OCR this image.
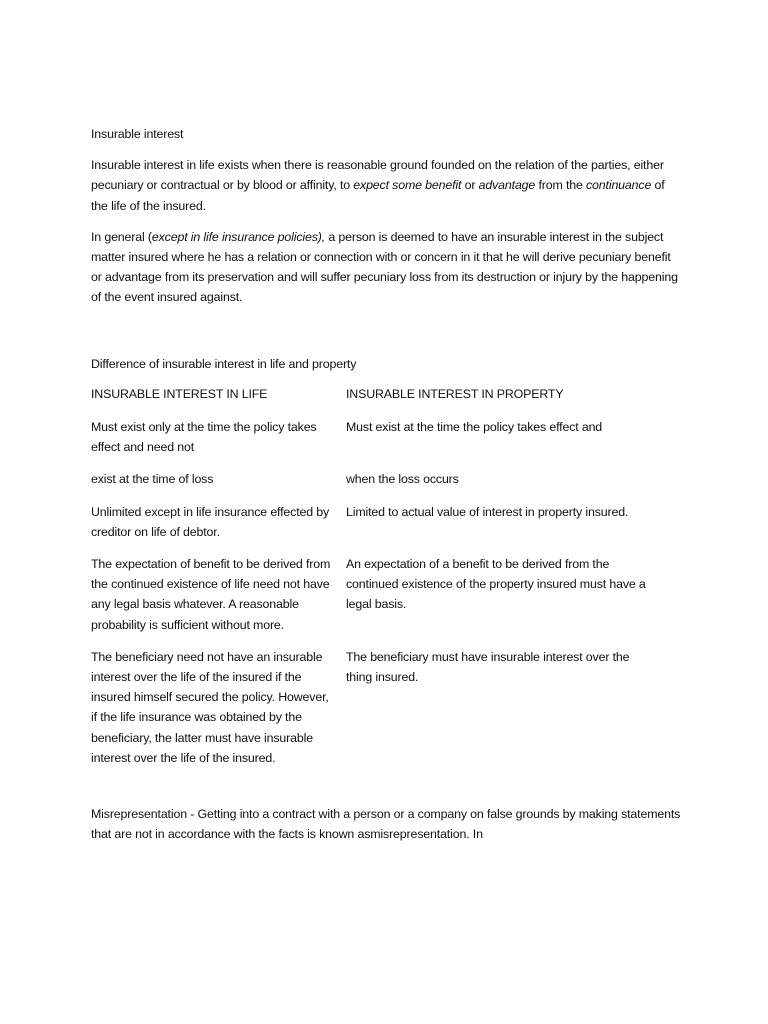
Insurable interest

Insurable interest in life exists when there is reasonable ground founded on the relation of the parties, either pecuniary or contractual or by blood or affinity, to expect some benefit or advantage from the continuance of the life of the insured.

In general (except in life insurance policies), a person is deemed to have an insurable interest in the subject matter insured where he has a relation or connection with or concern in it that he will derive pecuniary benefit or advantage from its preservation and will suffer pecuniary loss from its destruction or injury by the happening of the event insured against.

Difference of insurable interest in life and property

INSURABLE INTEREST IN LIFE	INSURABLE INTEREST IN PROPERTY
Must exist only at the time the policy takes effect and need not
Must exist at the time the policy takes effect and
exist at the time of loss	when the loss occurs
Unlimited except in life insurance effected by creditor on life of debtor.
Limited to actual value of interest in property insured.
The expectation of benefit to be derived from the continued existence of life need not have any legal basis whatever. A reasonable probability is sufficient without more.
An expectation of a benefit to be derived from the continued existence of the property insured must have a legal basis.
The beneficiary need not have an insurable interest over the life of the insured if the insured himself secured the policy. However, if the life insurance was obtained by the beneficiary, the latter must have insurable interest over the life of the insured.
The beneficiary must have insurable interest over the thing insured.

Misrepresentation - Getting into a contract with a person or a company on false grounds by making statements that are not in accordance with the facts is known asmisrepresentation. In
